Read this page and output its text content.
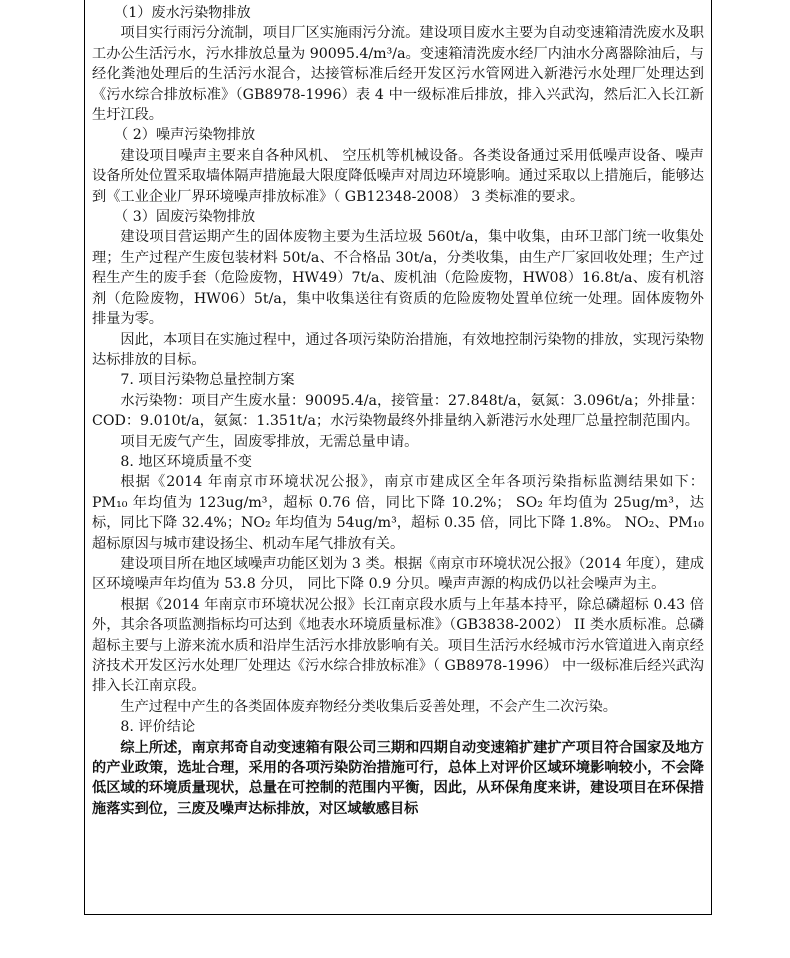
（1）废水污染物排放

项目实行雨污分流制，项目厂区实施雨污分流。建设项目废水主要为自动变速箱清洗废水及职工办公生活污水，污水排放总量为 90095.4/m³/a。变速箱清洗废水经厂内油水分离器除油后，与经化粪池处理后的生活污水混合，达接管标准后经开发区污水管网进入新港污水处理厂处理达到《污水综合排放标准》（GB8978-1996）表 4 中一级标准后排放，排入兴武沟，然后汇入长江新生圩江段。

（ 2）噪声污染物排放

建设项目噪声主要来自各种风机、 空压机等机械设备。各类设备通过采用低噪声设备、噪声设备所处位置采取墙体隔声措施最大限度降低噪声对周边环境影响。通过采取以上措施后，能够达到《工业企业厂界环境噪声排放标准》（ GB12348-2008） 3 类标准的要求。

（ 3）固废污染物排放

建设项目营运期产生的固体废物主要为生活垃圾 560t/a，集中收集，由环卫部门统一收集处理；生产过程产生废包装材料 50t/a、不合格品 30t/a，分类收集，由生产厂家回收处理；生产过程生产生的废手套（危险废物，HW49）7t/a、废机油（危险废物，HW08）16.8t/a、废有机溶剂（危险废物，HW06）5t/a，集中收集送往有资质的危险废物处置单位统一处理。固体废物外排量为零。

因此，本项目在实施过程中，通过各项污染防治措施，有效地控制污染物的排放，实现污染物达标排放的目标。

7. 项目污染物总量控制方案

水污染物：项目产生废水量：90095.4/a，接管量：27.848t/a，氨氮：3.096t/a；外排量：COD：9.010t/a，氨氮：1.351t/a；水污染物最终外排量纳入新港污水处理厂总量控制范围内。

项目无废气产生，固废零排放，无需总量申请。

8. 地区环境质量不变

根据《2014 年南京市环境状况公报》，南京市建成区全年各项污染指标监测结果如下： PM₁₀ 年均值为 123ug/m³，超标 0.76 倍，同比下降 10.2%； SO₂ 年均值为 25ug/m³，达标，同比下降 32.4%；NO₂ 年均值为 54ug/m³，超标 0.35 倍，同比下降 1.8%。 NO₂、PM₁₀ 超标原因与城市建设扬尘、机动车尾气排放有关。

建设项目所在地区域噪声功能区划为 3 类。根据《南京市环境状况公报》（2014 年度），建成区环境噪声年均值为 53.8 分贝， 同比下降 0.9 分贝。噪声声源的构成仍以社会噪声为主。

根据《2014 年南京市环境状况公报》长江南京段水质与上年基本持平，除总磷超标 0.43 倍外，其余各项监测指标均可达到《地表水环境质量标准》（GB3838-2002） II 类水质标准。总磷超标主要与上游来流水质和沿岸生活污水排放影响有关。项目生活污水经城市污水管道进入南京经济技术开发区污水处理厂处理达《污水综合排放标准》（ GB8978-1996） 中一级标准后经兴武沟排入长江南京段。

生产过程中产生的各类固体废弃物经分类收集后妥善处理，不会产生二次污染。

8. 评价结论

综上所述，南京邦奇自动变速箱有限公司三期和四期自动变速箱扩建扩产项目符合国家及地方的产业政策，选址合理，采用的各项污染防治措施可行，总体上对评价区域环境影响较小，不会降低区域的环境质量现状，总量在可控制的范围内平衡，因此，从环保角度来讲，建设项目在环保措施落实到位，三废及噪声达标排放，对区域敏感目标
